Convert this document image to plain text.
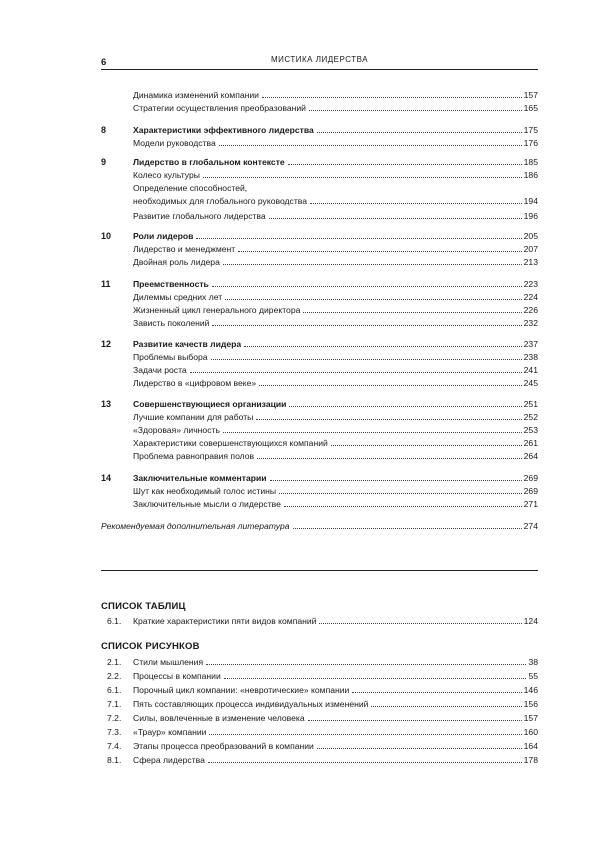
6	МИСТИКА ЛИДЕРСТВА
Динамика изменений компании	157
Стратегии осуществления преобразований	165
8	Характеристики эффективного лидерства	175
Модели руководства	176
9	Лидерство в глобальном контексте	185
Колесо культуры	186
Определение способностей,
необходимых для глобального руководства	194
Развитие глобального лидерства	196
10	Роли лидеров	205
Лидерство и менеджмент	207
Двойная роль лидера	213
11	Преемственность	223
Дилеммы средних лет	224
Жизненный цикл генерального директора	226
Зависть поколений	232
12	Развитие качеств лидера	237
Проблемы выбора	238
Задачи роста	241
Лидерство в «цифровом веке»	245
13	Совершенствующиеся организации	251
Лучшие компании для работы	252
«Здоровая» личность	253
Характеристики совершенствующихся компаний	261
Проблема равноправия полов	264
14	Заключительные комментарии	269
Шут как необходимый голос истины	269
Заключительные мысли о лидерстве	271
Рекомендуемая дополнительная литература	274
СПИСОК ТАБЛИЦ
6.1. Краткие характеристики пяти видов компаний	124
СПИСОК РИСУНКОВ
2.1. Стили мышления	38
2.2. Процессы в компании	55
6.1. Порочный цикл компании: «невротические» компании	146
7.1. Пять составляющих процесса индивидуальных изменений	156
7.2. Силы, вовлеченные в изменение человека	157
7.3. «Траур» компании	160
7.4. Этапы процесса преобразований в компании	164
8.1. Сфера лидерства	178
